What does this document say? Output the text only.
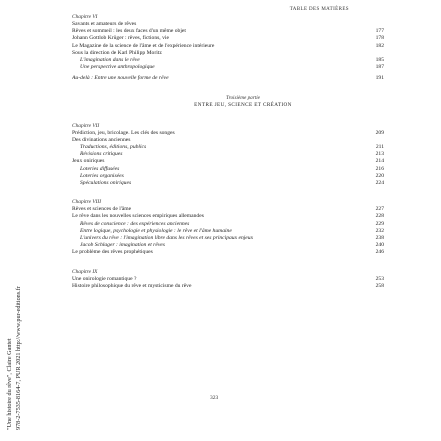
TABLE DES MATIÈRES
"Une histoire du rêve", Claire Gantet 978-2-7535-8164-7, PUR 2021 http://www.pur-editions.fr
Chapitre VI
Savants et amateurs de rêves
Rêves et sommeil : les deux faces d'un même objet	177
Johann Gottlob Krüger : rêves, fictions, vie	178
Le Magazine de la science de l'âme et de l'expérience intérieure	182
Sous la direction de Karl Philipp Moritz
L'imagination dans le rêve	185
Une perspective anthropologique	187
Au-delà : Entre une nouvelle forme de rêve	191
Troisième partie
ENTRE JEU, SCIENCE ET CRÉATION
Chapitre VII
Prédiction, jeu, bricolage. Les clés des songes	209
Des divinations anciennes
Traductions, éditions, publics	211
Révisions critiques	213
Jeux oniriques	214
Loteries diffusées	216
Loteries organisées	220
Spéculations oniriques	224
Chapitre VIII
Rêves et sciences de l'âme	227
Le rêve dans les nouvelles sciences empiriques allemandes	228
Rêves de conscience : des expériences anciennes	229
Entre logique, psychologie et physiologie : le rêve et l'âme humaine	232
L'univers du rêve : l'imagination libre dans les rêves et ses principaux enjeux	238
Jacob Schlager : imagination et rêves	240
Le problème des rêves prophétiques	246
Chapitre IX
Une onirologie romantique ?	253
Histoire philosophique du rêve et mysticisme du rêve	258
323
